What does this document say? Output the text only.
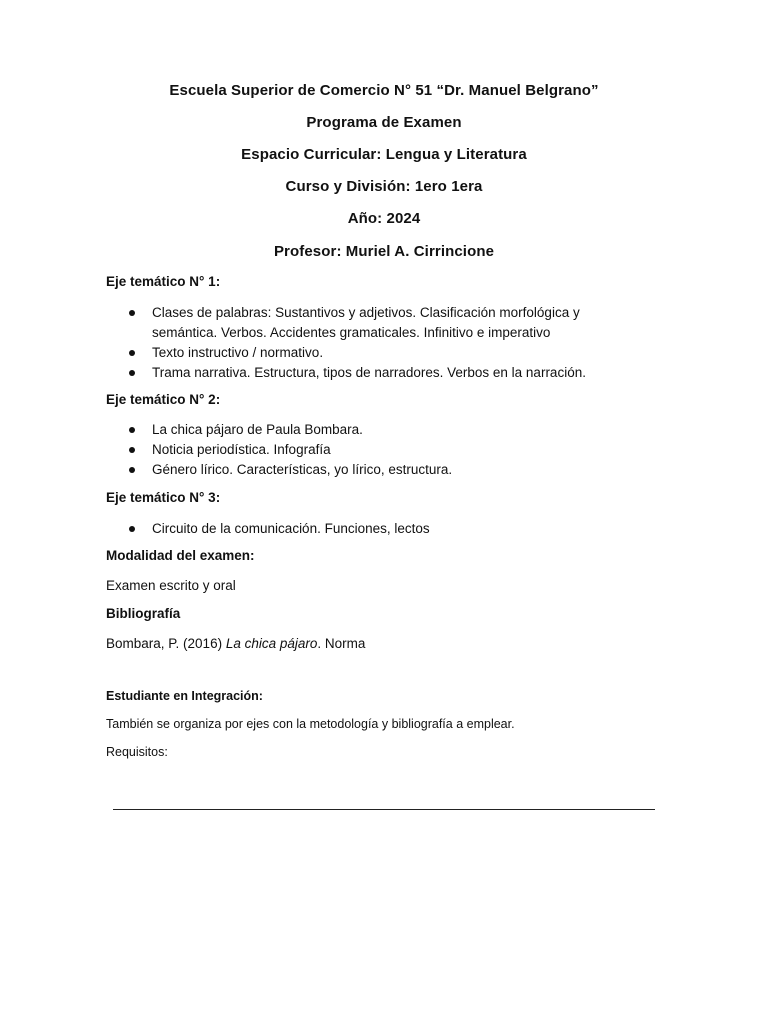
Escuela Superior de Comercio N° 51 “Dr. Manuel Belgrano”
Programa de Examen
Espacio Curricular: Lengua y Literatura
Curso y División: 1ero 1era
Año: 2024
Profesor: Muriel A. Cirrincione
Eje temático N° 1:
Clases de palabras: Sustantivos y adjetivos. Clasificación morfológica y
semántica. Verbos. Accidentes gramaticales. Infinitivo e imperativo
Texto instructivo / normativo.
Trama narrativa. Estructura, tipos de narradores. Verbos en la narración.
Eje temático N° 2:
La chica pájaro de Paula Bombara.
Noticia periodística. Infografía
Género lírico. Características, yo lírico, estructura.
Eje temático N° 3:
Circuito de la comunicación. Funciones, lectos
Modalidad del examen:
Examen escrito y oral
Bibliografía
Bombara, P. (2016) La chica pájaro. Norma
Estudiante en Integración:
También se organiza por ejes con la metodología y bibliografía a emplear.
Requisitos:
